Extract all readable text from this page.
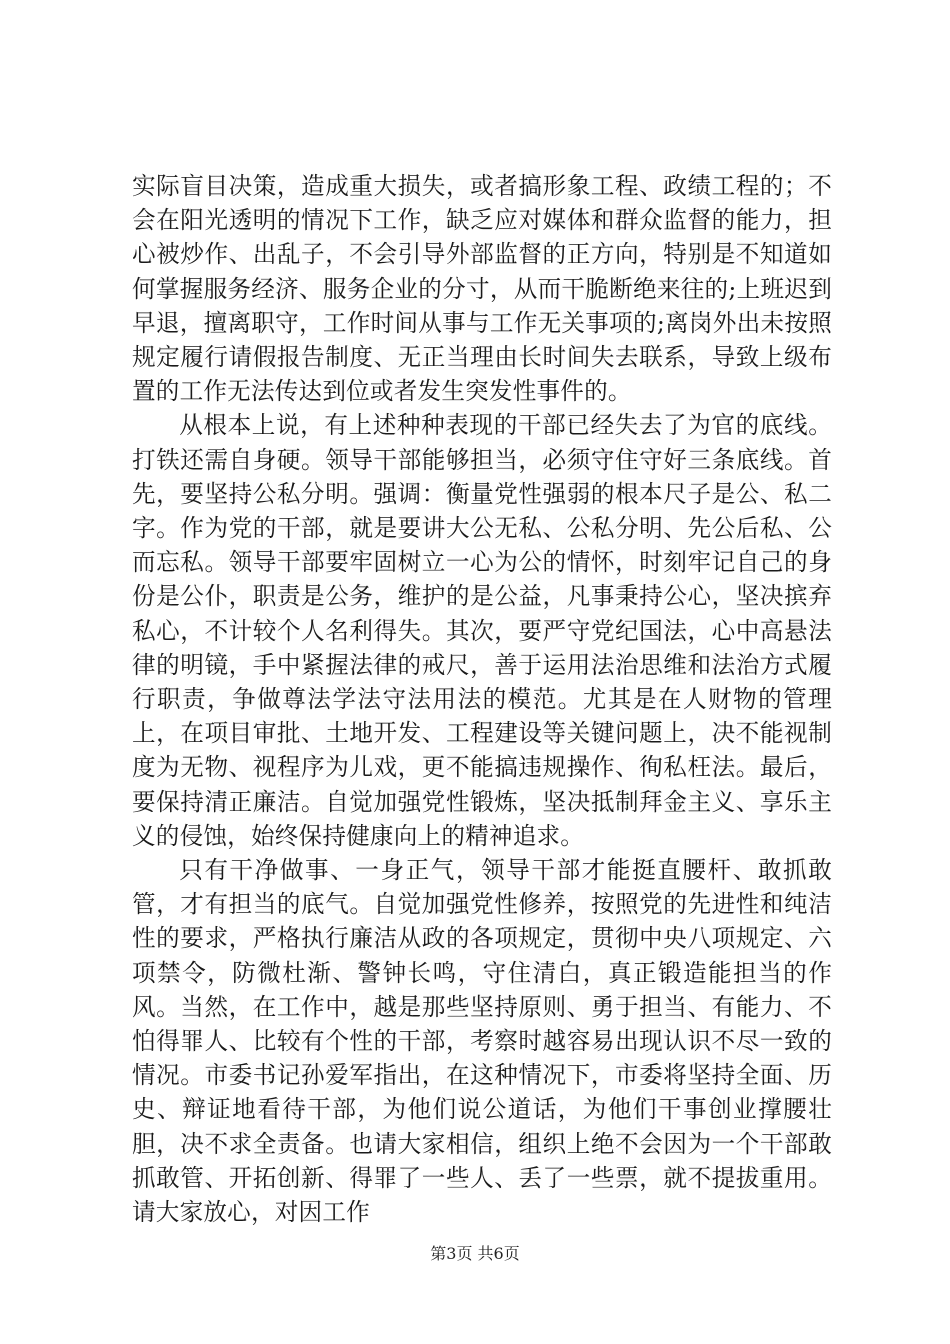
实际盲目决策，造成重大损失，或者搞形象工程、政绩工程的；不会在阳光透明的情况下工作，缺乏应对媒体和群众监督的能力，担心被炒作、出乱子，不会引导外部监督的正方向，特别是不知道如何掌握服务经济、服务企业的分寸，从而干脆断绝来往的;上班迟到早退，擅离职守，工作时间从事与工作无关事项的;离岗外出未按照规定履行请假报告制度、无正当理由长时间失去联系，导致上级布置的工作无法传达到位或者发生突发性事件的。

从根本上说，有上述种种表现的干部已经失去了为官的底线。打铁还需自身硬。领导干部能够担当，必须守住守好三条底线。首先，要坚持公私分明。强调：衡量党性强弱的根本尺子是公、私二字。作为党的干部，就是要讲大公无私、公私分明、先公后私、公而忘私。领导干部要牢固树立一心为公的情怀，时刻牢记自己的身份是公仆，职责是公务，维护的是公益，凡事秉持公心，坚决摈弃私心，不计较个人名利得失。其次，要严守党纪国法，心中高悬法律的明镜，手中紧握法律的戒尺，善于运用法治思维和法治方式履行职责，争做尊法学法守法用法的模范。尤其是在人财物的管理上，在项目审批、土地开发、工程建设等关键问题上，决不能视制度为无物、视程序为儿戏，更不能搞违规操作、徇私枉法。最后，要保持清正廉洁。自觉加强党性锻炼，坚决抵制拜金主义、享乐主义的侵蚀，始终保持健康向上的精神追求。

只有干净做事、一身正气，领导干部才能挺直腰杆、敢抓敢管，才有担当的底气。自觉加强党性修养，按照党的先进性和纯洁性的要求，严格执行廉洁从政的各项规定，贯彻中央八项规定、六项禁令，防微杜渐、警钟长鸣，守住清白，真正锻造能担当的作风。当然，在工作中，越是那些坚持原则、勇于担当、有能力、不怕得罪人、比较有个性的干部，考察时越容易出现认识不尽一致的情况。市委书记孙爱军指出，在这种情况下，市委将坚持全面、历史、辩证地看待干部，为他们说公道话，为他们干事创业撑腰壮胆，决不求全责备。也请大家相信，组织上绝不会因为一个干部敢抓敢管、开拓创新、得罪了一些人、丢了一些票，就不提拔重用。请大家放心，对因工作

第3页 共6页
